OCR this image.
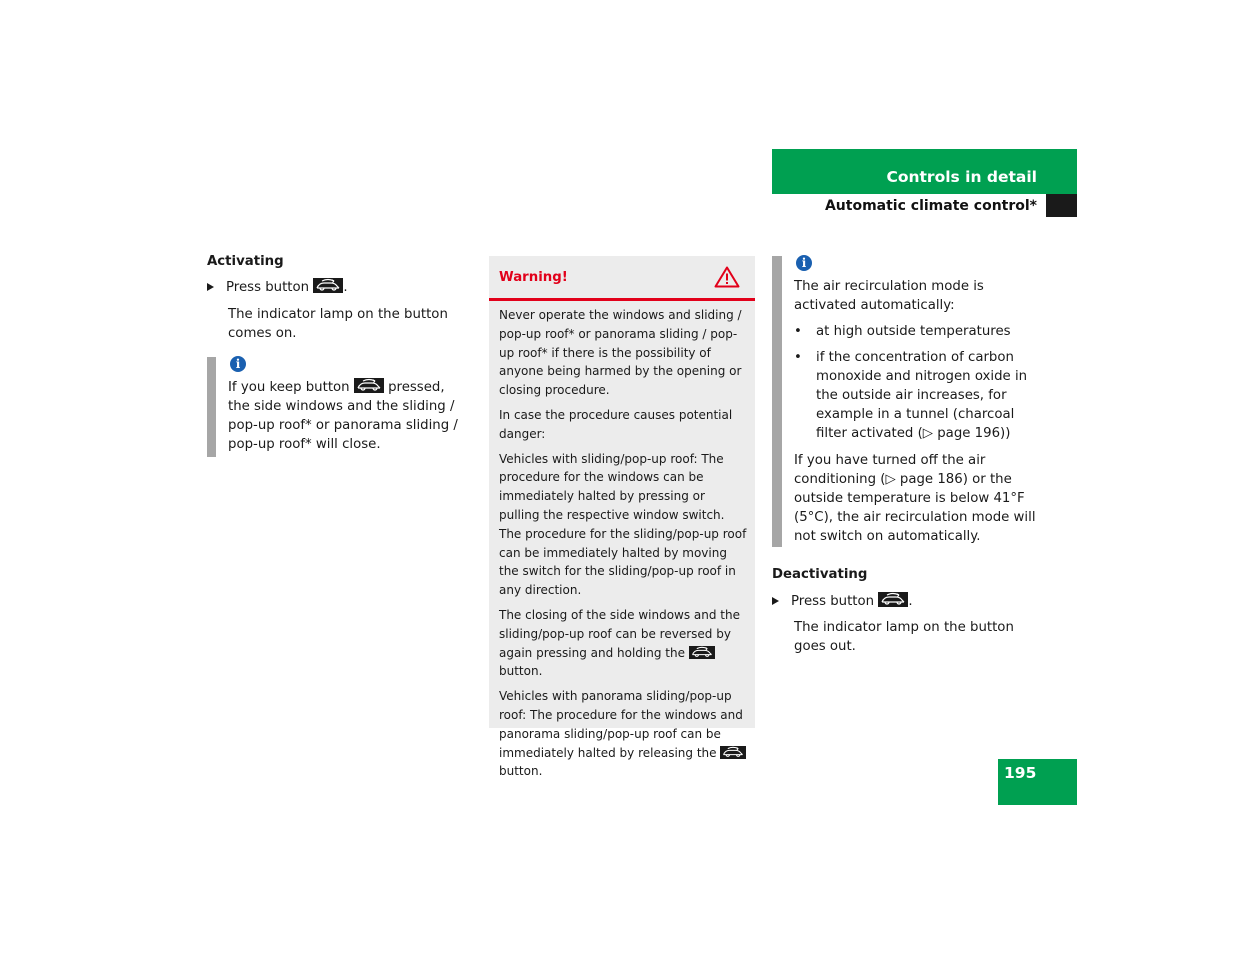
Controls in detail
Automatic climate control*
Activating
Press button	.
The indicator lamp on the button comes on.
i
If you keep button	pressed, the side windows and the sliding / pop-up roof* or panorama sliding / pop-up roof* will close.
Warning!

Never operate the windows and sliding / pop-up roof* or panorama sliding / pop-up roof* if there is the possibility of anyone being harmed by the opening or closing procedure.

In case the procedure causes potential danger:

Vehicles with sliding/pop-up roof: The procedure for the windows can be immediately halted by pressing or pulling the respective window switch. The procedure for the sliding/pop-up roof can be immediately halted by moving the switch for the sliding/pop-up roof in any direction.

The closing of the side windows and the sliding/pop-up roof can be reversed by again pressing and holding the
button.

Vehicles with panorama sliding/pop-up roof: The procedure for the windows and panorama sliding/pop-up roof can be immediately halted by releasing the
button.

i
The air recirculation mode is activated automatically:
•	at high outside temperatures
•	if the concentration of carbon monoxide and nitrogen oxide in the outside air increases, for example in a tunnel (charcoal filter activated (▷ page 196))
If you have turned off the air conditioning (▷ page 186) or the outside temperature is below 41°F (5°C), the air recirculation mode will not switch on automatically.
Deactivating
Press button	.
The indicator lamp on the button goes out.
195
